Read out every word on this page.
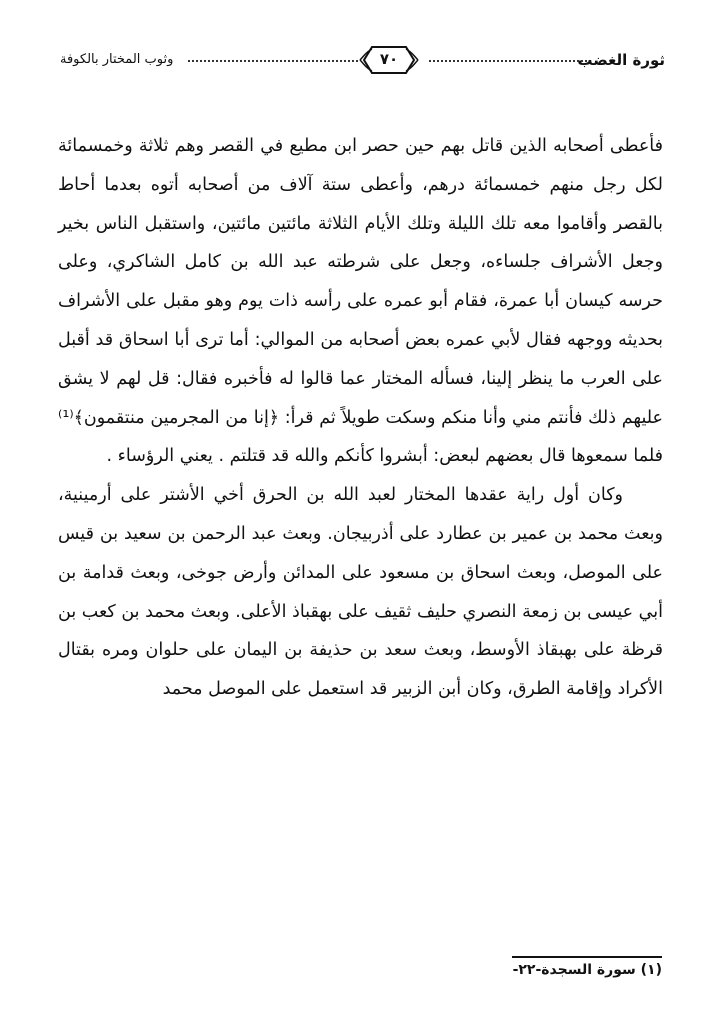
ثورة الغضب
٧٠
وثوب المختار بالكوفة

فأعطى أصحابه الذين قاتل بهم حين حصر ابن مطيع في القصر وهم ثلاثة وخمسمائة لكل رجل منهم خمسمائة درهم، وأعطى ستة آلاف من أصحابه أتوه بعدما أحاط بالقصر وأقاموا معه تلك الليلة وتلك الأيام الثلاثة مائتين مائتين، واستقبل الناس بخير وجعل الأشراف جلساءه، وجعل على شرطته عبد الله بن كامل الشاكري، وعلى حرسه كيسان أبا عمرة، فقام أبو عمره على رأسه ذات يوم وهو مقبل على الأشراف بحديثه ووجهه فقال لأبي عمره بعض أصحابه من الموالي: أما ترى أبا اسحاق قد أقبل على العرب ما ينظر إلينا، فسأله المختار عما قالوا له فأخبره فقال: قل لهم لا يشق عليهم ذلك فأنتم مني وأنا منكم وسكت طويلاً ثم قرأ: ﴿إنا من المجرمين منتقمون﴾⁽¹⁾ فلما سمعوها قال بعضهم لبعض: أبشروا كأنكم والله قد قتلتم . يعني الرؤساء .

وكان أول راية عقدها المختار لعبد الله بن الحرق أخي الأشتر على أرمينية، وبعث محمد بن عمير بن عطارد على أذربيجان. وبعث عبد الرحمن بن سعيد بن قيس على الموصل، وبعث اسحاق بن مسعود على المدائن وأرض جوخى، وبعث قدامة بن أبي عيسى بن زمعة النصري حليف ثقيف على بهقباذ الأعلى. وبعث محمد بن كعب بن قرظة على بهبقاذ الأوسط، وبعث سعد بن حذيفة بن اليمان على حلوان ومره بقتال الأكراد وإقامة الطرق، وكان أبن الزبير قد استعمل على الموصل محمد

(١) سورة السجدة-٢٢-
